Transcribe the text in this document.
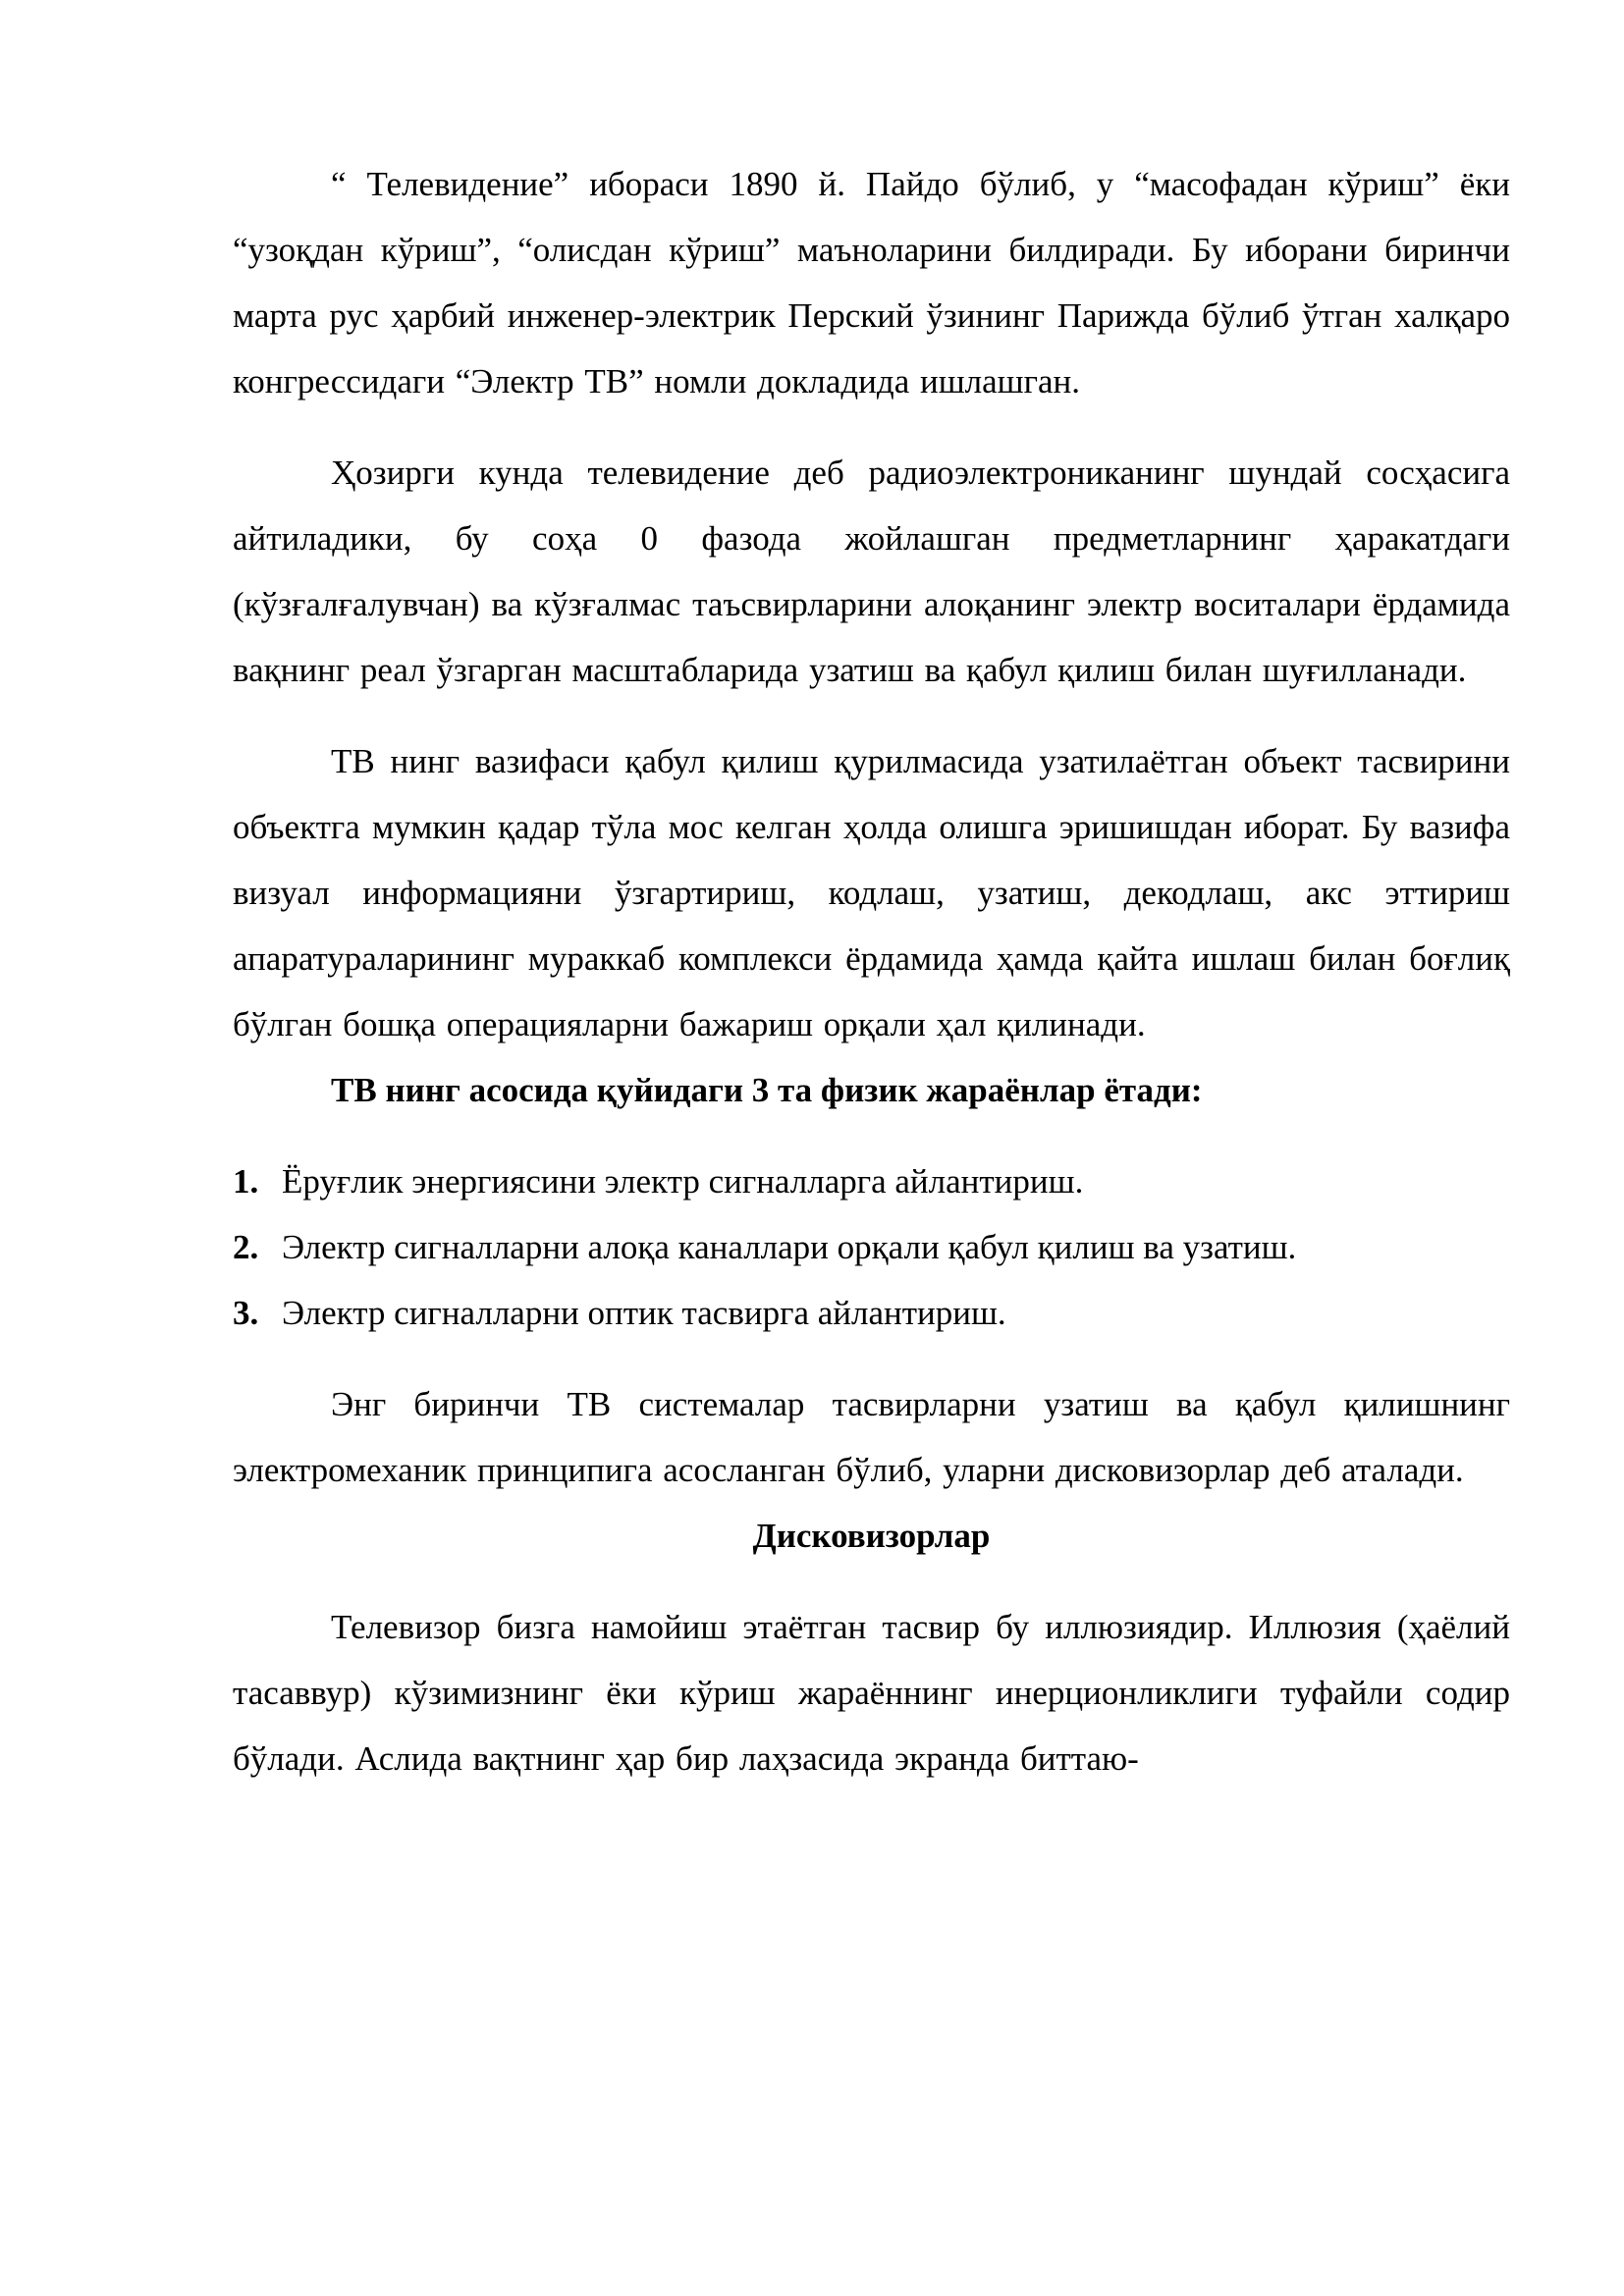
“ Телевидение” ибораси 1890 й. Пайдо бўлиб, у “масофадан кўриш” ёки “узоқдан кўриш”, “олисдан кўриш” маъноларини билдиради. Бу иборани биринчи марта рус ҳарбий инженер-электрик Перский ўзининг Парижда бўлиб ўтган халқаро конгрессидаги “Электр ТВ” номли докладида ишлашган.

Ҳозирги кунда телевидение деб радиоэлектрониканинг шундай сосҳасига айтиладики, бу соҳа 0 фазода жойлашган предметларнинг ҳаракатдаги (кўзғалғалувчан) ва кўзғалмас таъсвирларини алоқанинг электр воситалари ёрдамида вақнинг реал ўзгарган масштабларида узатиш ва қабул қилиш билан шуғилланади.

ТВ нинг вазифаси қабул қилиш қурилмасида узатилаётган объект тасвирини объектга мумкин қадар тўла мос келган ҳолда олишга эришишдан иборат. Бу вазифа визуал информацияни ўзгартириш, кодлаш, узатиш, декодлаш, акс эттириш апаратураларининг мураккаб комплекси ёрдамида ҳамда қайта ишлаш билан боғлиқ бўлган бошқа операцияларни бажариш орқали ҳал қилинади.

ТВ нинг асосида қуйидаги 3 та физик жараёнлар ётади:

1. Ёруғлик энергиясини электр сигналларга айлантириш.
2. Электр сигналларни алоқа каналлари орқали қабул қилиш ва узатиш.
3. Электр сигналларни оптик тасвирга айлантириш.

Энг биринчи ТВ системалар тасвирларни узатиш ва қабул қилишнинг электромеханик принципига асосланган бўлиб, уларни дисковизорлар деб аталади.

Дисковизорлар

Телевизор бизга намойиш этаётган тасвир бу иллюзиядир. Иллюзия (ҳаёлий тасаввур) кўзимизнинг ёки кўриш жараённинг инерционликлиги туфайли содир бўлади. Аслида вақтнинг ҳар бир лаҳзасида экранда биттаю-
